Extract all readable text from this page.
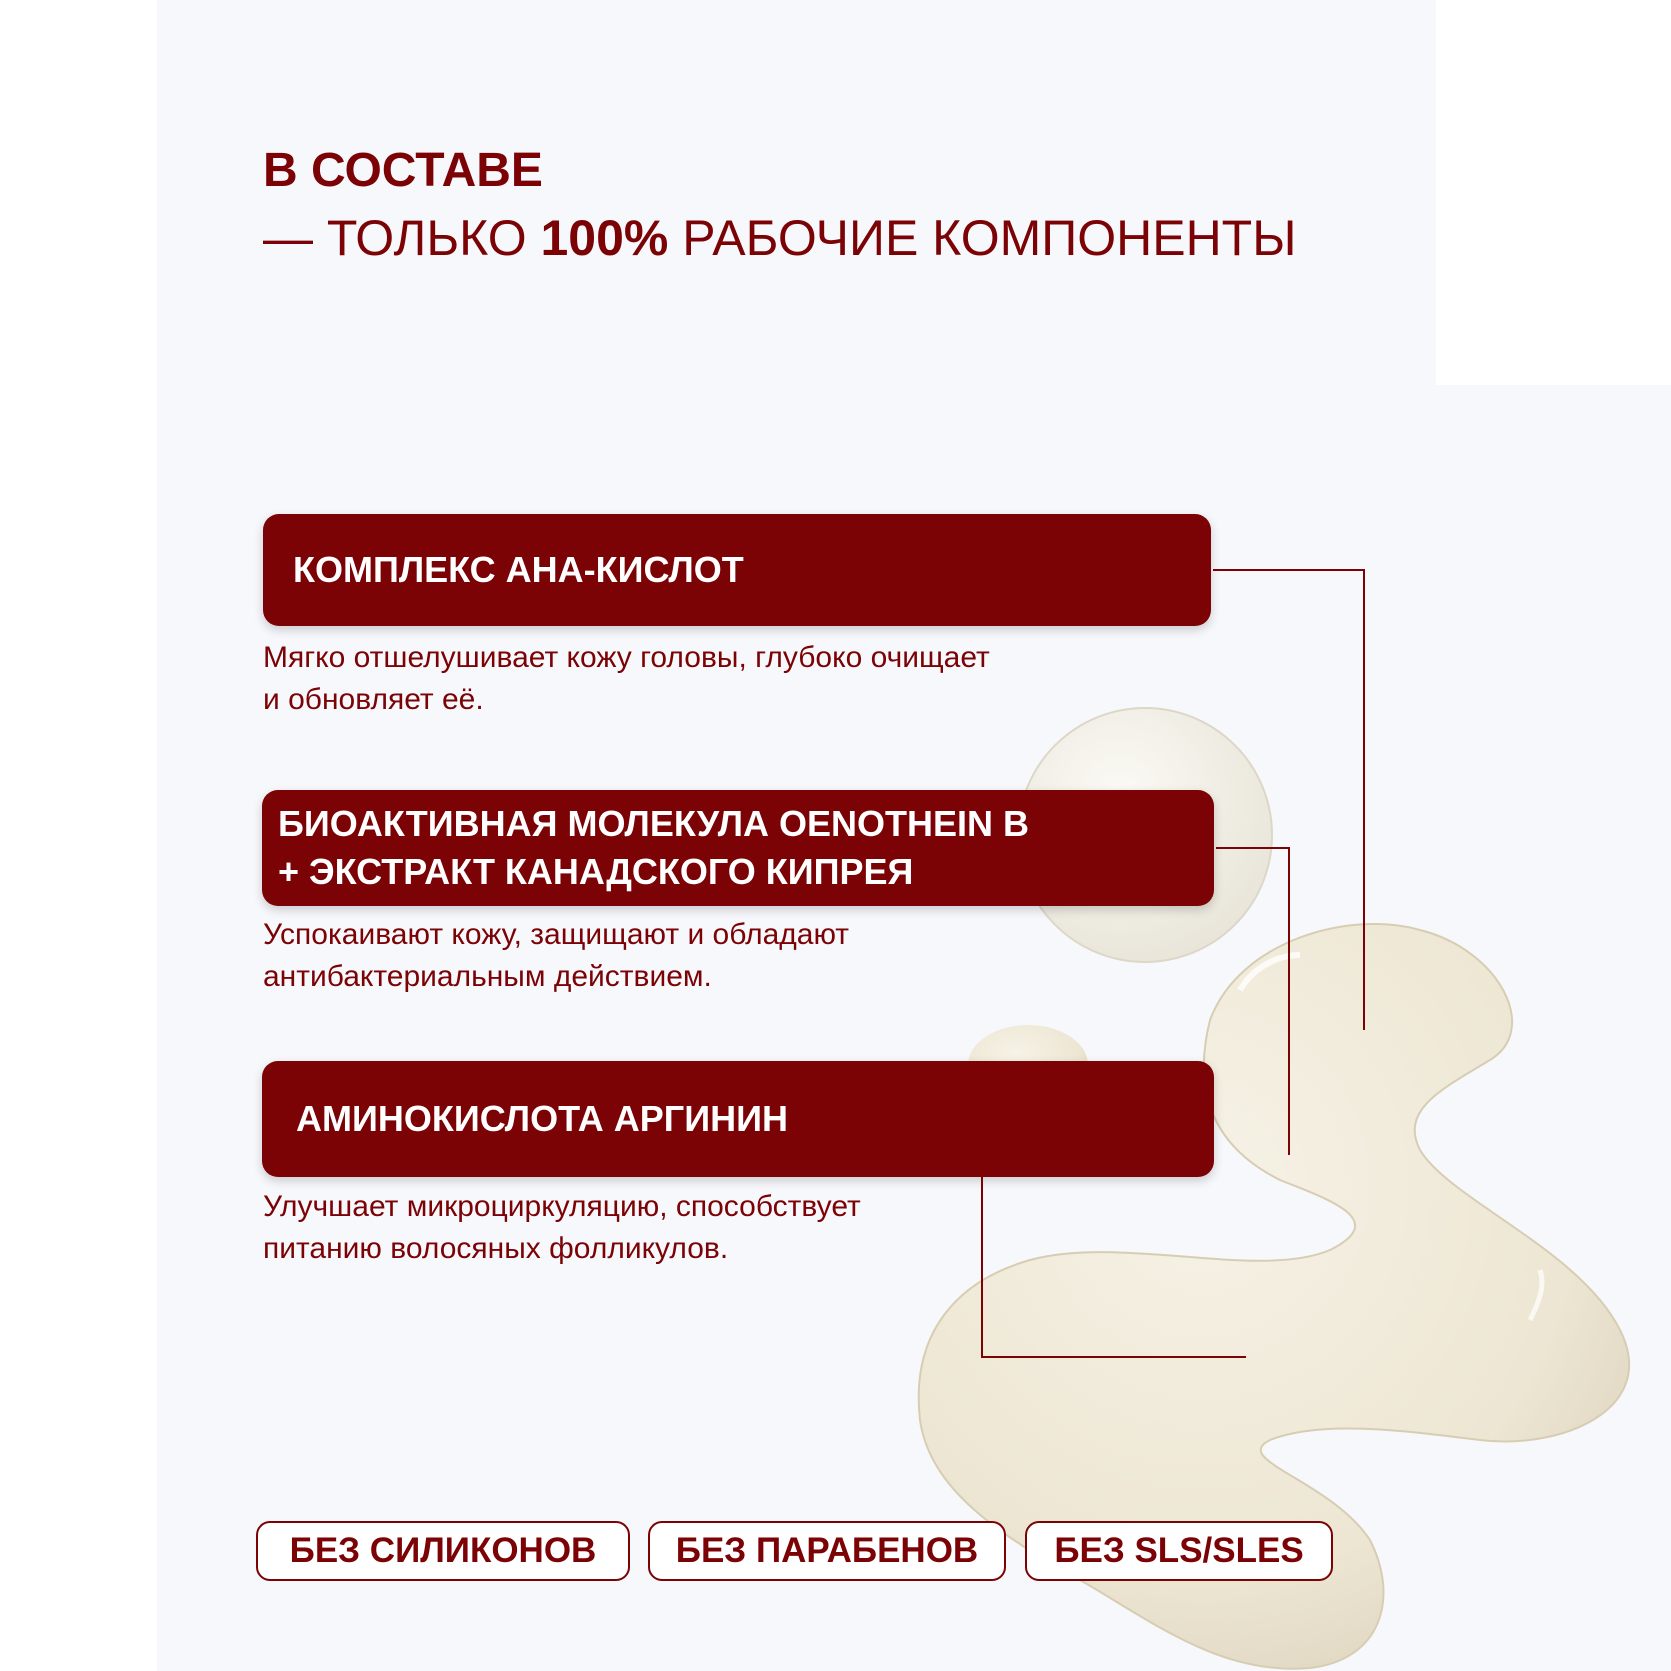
В СОСТАВЕ
— ТОЛЬКО 100% РАБОЧИЕ КОМПОНЕНТЫ
КОМПЛЕКС АНА-КИСЛОТ
Мягко отшелушивает кожу головы, глубоко очищает
и обновляет её.
БИОАКТИВНАЯ МОЛЕКУЛА OENOTHEIN B
+ ЭКСТРАКТ КАНАДСКОГО КИПРЕЯ
Успокаивают кожу, защищают и обладают
антибактериальным действием.
АМИНОКИСЛОТА АРГИНИН
Улучшает микроциркуляцию, способствует
питанию волосяных фолликулов.
БЕЗ СИЛИКОНОВ	БЕЗ ПАРАБЕНОВ	БЕЗ SLS/SLES
